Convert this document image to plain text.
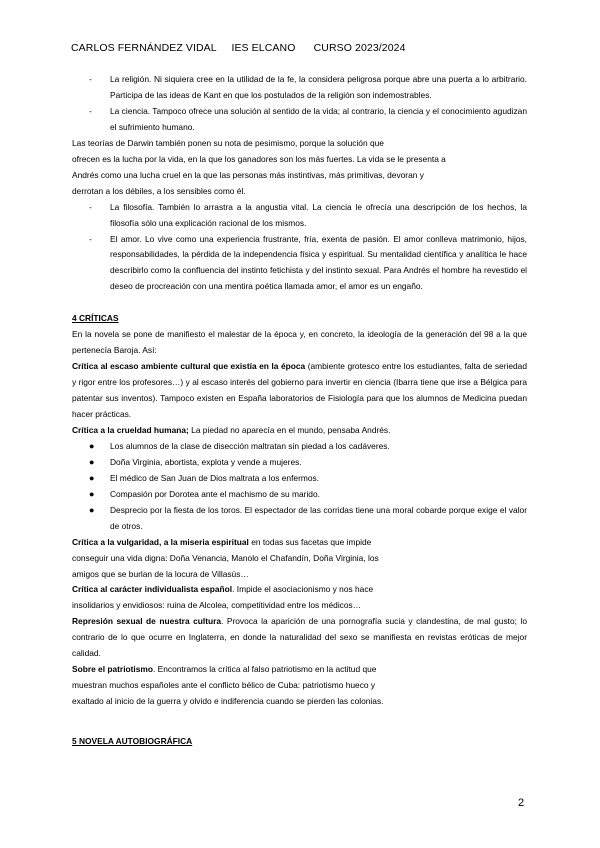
CARLOS FERNÁNDEZ VIDAL IES ELCANO CURSO 2023/2024
- La religión. Ni siquiera cree en la utilidad de la fe, la considera peligrosa porque abre una puerta a lo arbitrario. Participa de las ideas de Kant en que los postulados de la religión son indemostrables.
- La ciencia. Tampoco ofrece una solución al sentido de la vida; al contrario, la ciencia y el conocimiento agudizan el sufrimiento humano.

Las teorías de Darwin también ponen su nota de pesimismo, porque la solución que

ofrecen es la lucha por la vida, en la que los ganadores son los más fuertes. La vida se le presenta a

Andrés como una lucha cruel en la que las personas más instintivas, más primitivas, devoran y

derrotan a los débiles, a los sensibles como él.

- La filosofía. También lo arrastra a la angustia vital. La ciencia le ofrecía una descripción de los hechos, la filosofía sólo una explicación racional de los mismos.
- El amor. Lo vive como una experiencia frustrante, fría, exenta de pasión. El amor conlleva matrimonio, hijos, responsabilidades, la pérdida de la independencia física y espiritual. Su mentalidad científica y analítica le hace describirlo como la confluencia del instinto fetichista y del instinto sexual. Para Andrés el hombre ha revestido el deseo de procreación con una mentira poética llamada amor, el amor es un engaño.

4 CRÍTICAS

En la novela se pone de manifiesto el malestar de la época y, en concreto, la ideología de la generación del 98 a la que pertenecía Baroja. Así:

Crítica al escaso ambiente cultural que existía en la época (ambiente grotesco entre los estudiantes, falta de seriedad y rigor entre los profesores…) y al escaso interés del gobierno para invertir en ciencia (Ibarra tiene que irse a Bélgica para patentar sus inventos). Tampoco existen en España laboratorios de Fisiología para que los alumnos de Medicina puedan hacer prácticas.

Crítica a la crueldad humana; La piedad no aparecía en el mundo, pensaba Andrés.

● Los alumnos de la clase de disección maltratan sin piedad a los cadáveres.
● Doña Virginia, abortista, explota y vende a mujeres.
● El médico de San Juan de Dios maltrata a los enfermos.
● Compasión por Dorotea ante el machismo de su marido.
● Desprecio por la fiesta de los toros. El espectador de las corridas tiene una moral cobarde porque exige el valor de otros.

Crítica a la vulgaridad, a la miseria espiritual en todas sus facetas que impide

conseguir una vida digna: Doña Venancia, Manolo el Chafandín, Doña Virginia, los

amigos que se burlan de la locura de Villasús…

Crítica al carácter individualista español. Impide el asociacionismo y nos hace

insolidarios y envidiosos: ruina de Alcolea, competitividad entre los médicos…

Represión sexual de nuestra cultura. Provoca la aparición de una pornografía sucia y clandestina, de mal gusto; lo contrario de lo que ocurre en Inglaterra, en donde la naturalidad del sexo se manifiesta en revistas eróticas de mejor calidad.

Sobre el patriotismo. Encontramos la crítica al falso patriotismo en la actitud que

muestran muchos españoles ante el conflicto bélico de Cuba: patriotismo hueco y

exaltado al inicio de la guerra y olvido e indiferencia cuando se pierden las colonias.

5 NOVELA AUTOBIOGRÁFICA

2
